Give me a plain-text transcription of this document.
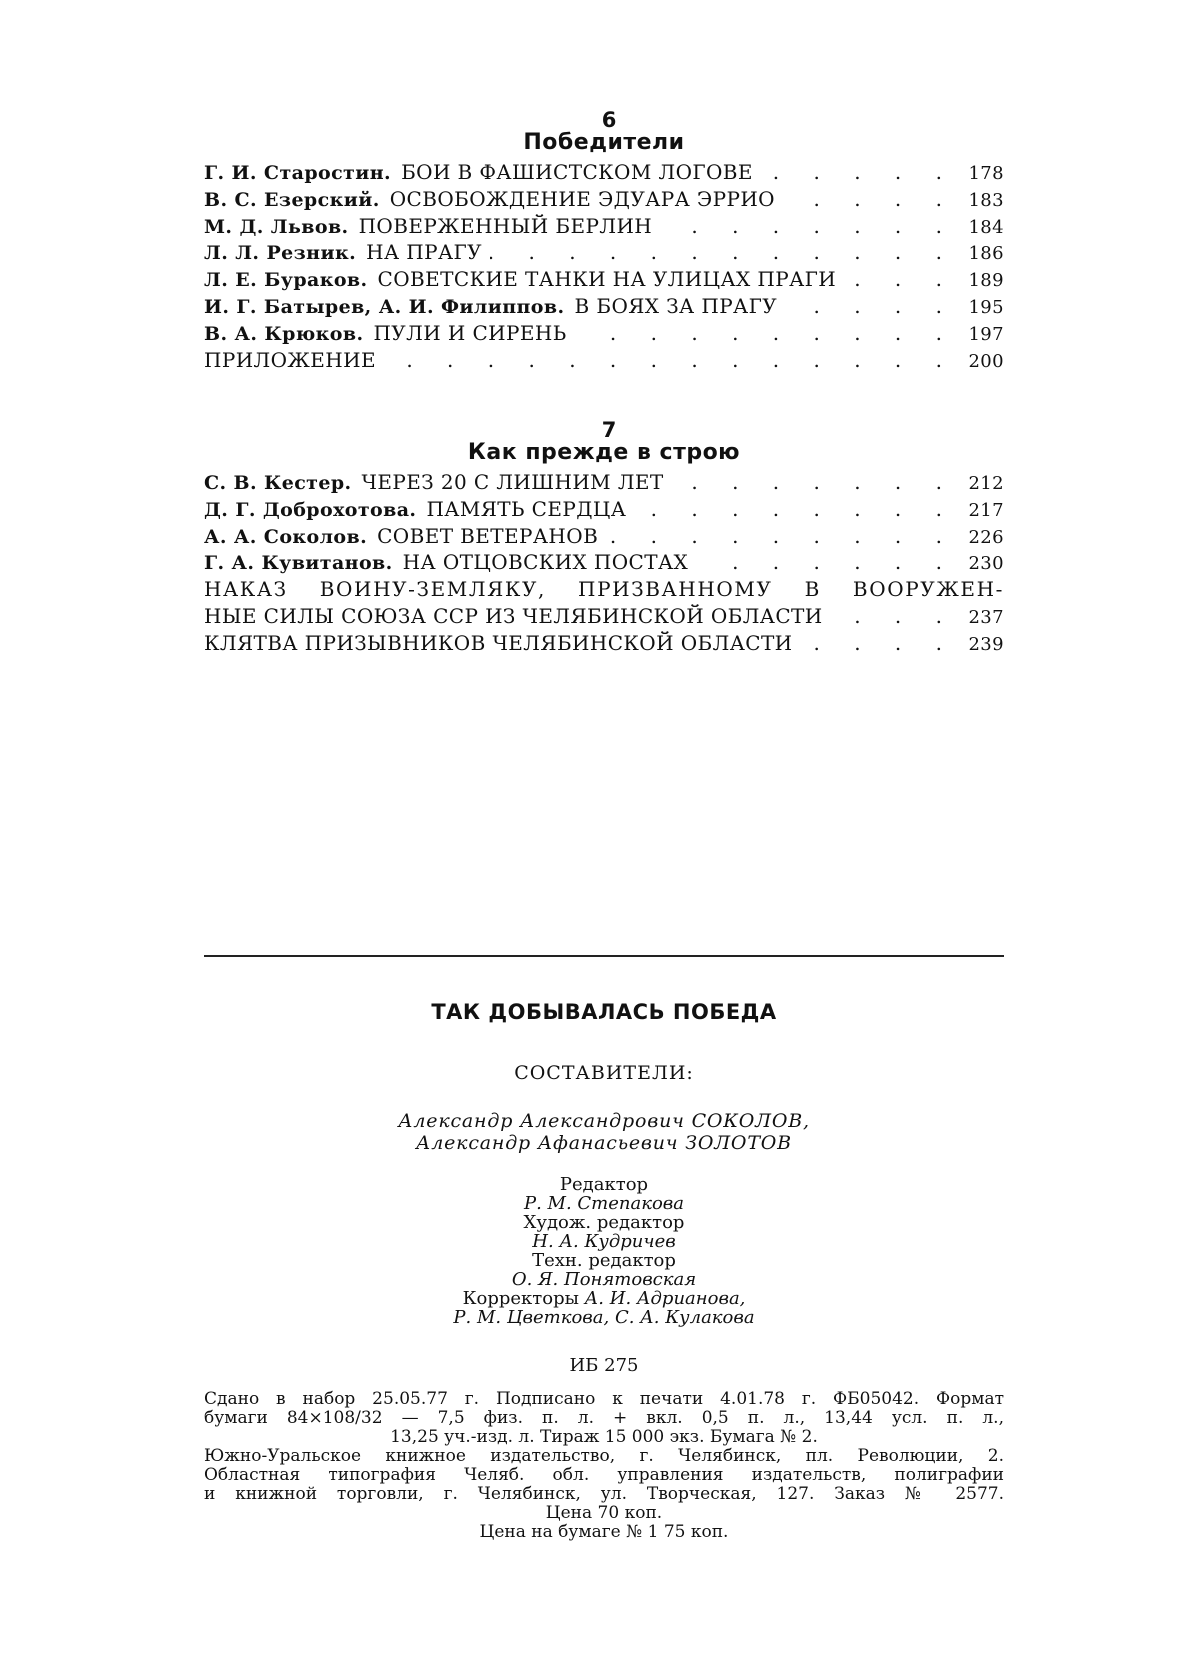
6
Победители
Г. И. Старостин. БОИ В ФАШИСТСКОМ ЛОГОВЕ . . .	178
В. С. Езерский. ОСВОБОЖДЕНИЕ ЭДУАРА ЭРРИО . . .	183
М. Д. Львов. ПОВЕРЖЕННЫЙ БЕРЛИН . . .	184
Л. Л. Резник. НА ПРАГУ . . .	186
Л. Е. Бураков. СОВЕТСКИЕ ТАНКИ НА УЛИЦАХ ПРАГИ . . .	189
И. Г. Батырев, А. И. Филиппов. В БОЯХ ЗА ПРАГУ . . .	195
В. А. Крюков. ПУЛИ И СИРЕНЬ . . .	197
ПРИЛОЖЕНИЕ . . .	200
7
Как прежде в строю
С. В. Кестер. ЧЕРЕЗ 20 С ЛИШНИМ ЛЕТ . . .	212
Д. Г. Доброхотова. ПАМЯТЬ СЕРДЦА . . .	217
А. А. Соколов. СОВЕТ ВЕТЕРАНОВ . . .	226
Г. А. Кувитанов. НА ОТЦОВСКИХ ПОСТАХ . . .	230
НАКАЗ ВОИНУ-ЗЕМЛЯКУ, ПРИЗВАННОМУ В ВООРУЖЕН-
НЫЕ СИЛЫ СОЮЗА ССР ИЗ ЧЕЛЯБИНСКОЙ ОБЛАСТИ . . .	237
КЛЯТВА ПРИЗЫВНИКОВ ЧЕЛЯБИНСКОЙ ОБЛАСТИ . . .	239
ТАК ДОБЫВАЛАСЬ ПОБЕДА
СОСТАВИТЕЛИ:
Александр Александрович СОКОЛОВ,
Александр Афанасьевич ЗОЛОТОВ
Редактор
Р. М. Степакова
Худож. редактор
Н. А. Кудричев
Техн. редактор
О. Я. Понятовская
Корректоры А. И. Адрианова,
Р. М. Цветкова, С. А. Кулакова
ИБ 275
Сдано в набор 25.05.77 г. Подписано к печати 4.01.78 г. ФБ05042. Формат
бумаги 84×108/32 — 7,5 физ. п. л. + вкл. 0,5 п. л., 13,44 усл. п. л.,
13,25 уч.-изд. л. Тираж 15 000 экз. Бумага № 2.
Южно-Уральское книжное издательство, г. Челябинск, пл. Революции, 2.
Областная типография Челяб. обл. управления издательств, полиграфии
и книжной торговли, г. Челябинск, ул. Творческая, 127. Заказ № 2577.
Цена 70 коп.
Цена на бумаге № 1 75 коп.
